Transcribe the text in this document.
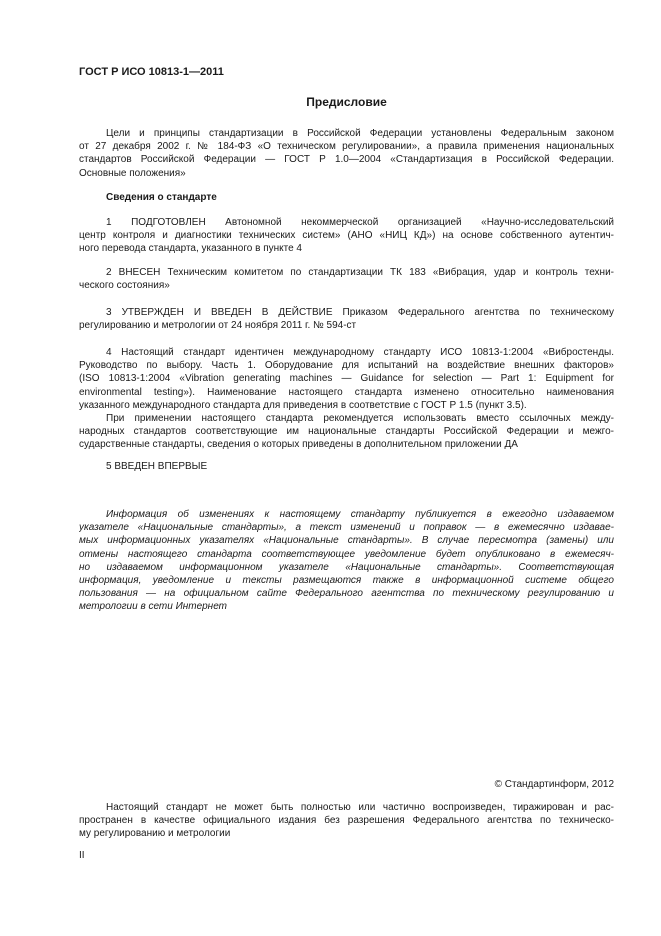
ГОСТ Р ИСО 10813-1—2011
Предисловие
Цели и принципы стандартизации в Российской Федерации установлены Федеральным законом
от 27 декабря 2002 г. № 184-ФЗ «О техническом регулировании», а правила применения национальных
стандартов Российской Федерации — ГОСТ Р 1.0—2004 «Стандартизация в Российской Федерации.
Основные положения»
Сведения о стандарте
1 ПОДГОТОВЛЕН Автономной некоммерческой организацией «Научно-исследовательский
центр контроля и диагностики технических систем» (АНО «НИЦ КД») на основе собственного аутентич-
ного перевода стандарта, указанного в пункте 4
2 ВНЕСЕН Техническим комитетом по стандартизации ТК 183 «Вибрация, удар и контроль техни-
ческого состояния»
3 УТВЕРЖДЕН И ВВЕДЕН В ДЕЙСТВИЕ Приказом Федерального агентства по техническому
регулированию и метрологии от 24 ноября 2011 г. № 594-ст
4 Настоящий стандарт идентичен международному стандарту ИСО 10813-1:2004 «Вибростенды.
Руководство по выбору. Часть 1. Оборудование для испытаний на воздействие внешних факторов»
(ISO 10813-1:2004 «Vibration generating machines — Guidance for selection — Part 1: Equipment for
environmental testing»). Наименование настоящего стандарта изменено относительно наименования
указанного международного стандарта для приведения в соответствие с ГОСТ Р 1.5 (пункт 3.5).
При применении настоящего стандарта рекомендуется использовать вместо ссылочных между-
народных стандартов соответствующие им национальные стандарты Российской Федерации и межго-
сударственные стандарты, сведения о которых приведены в дополнительном приложении ДА
5 ВВЕДЕН ВПЕРВЫЕ
Информация об изменениях к настоящему стандарту публикуется в ежегодно издаваемом
указателе «Национальные стандарты», а текст изменений и поправок — в ежемесячно издавае-
мых информационных указателях «Национальные стандарты». В случае пересмотра (замены) или
отмены настоящего стандарта соответствующее уведомление будет опубликовано в ежемесяч-
но издаваемом информационном указателе «Национальные стандарты». Соответствующая
информация, уведомление и тексты размещаются также в информационной системе общего
пользования — на официальном сайте Федерального агентства по техническому регулированию и
метрологии в сети Интернет
© Стандартинформ, 2012
Настоящий стандарт не может быть полностью или частично воспроизведен, тиражирован и рас-
пространен в качестве официального издания без разрешения Федерального агентства по техническо-
му регулированию и метрологии
II
